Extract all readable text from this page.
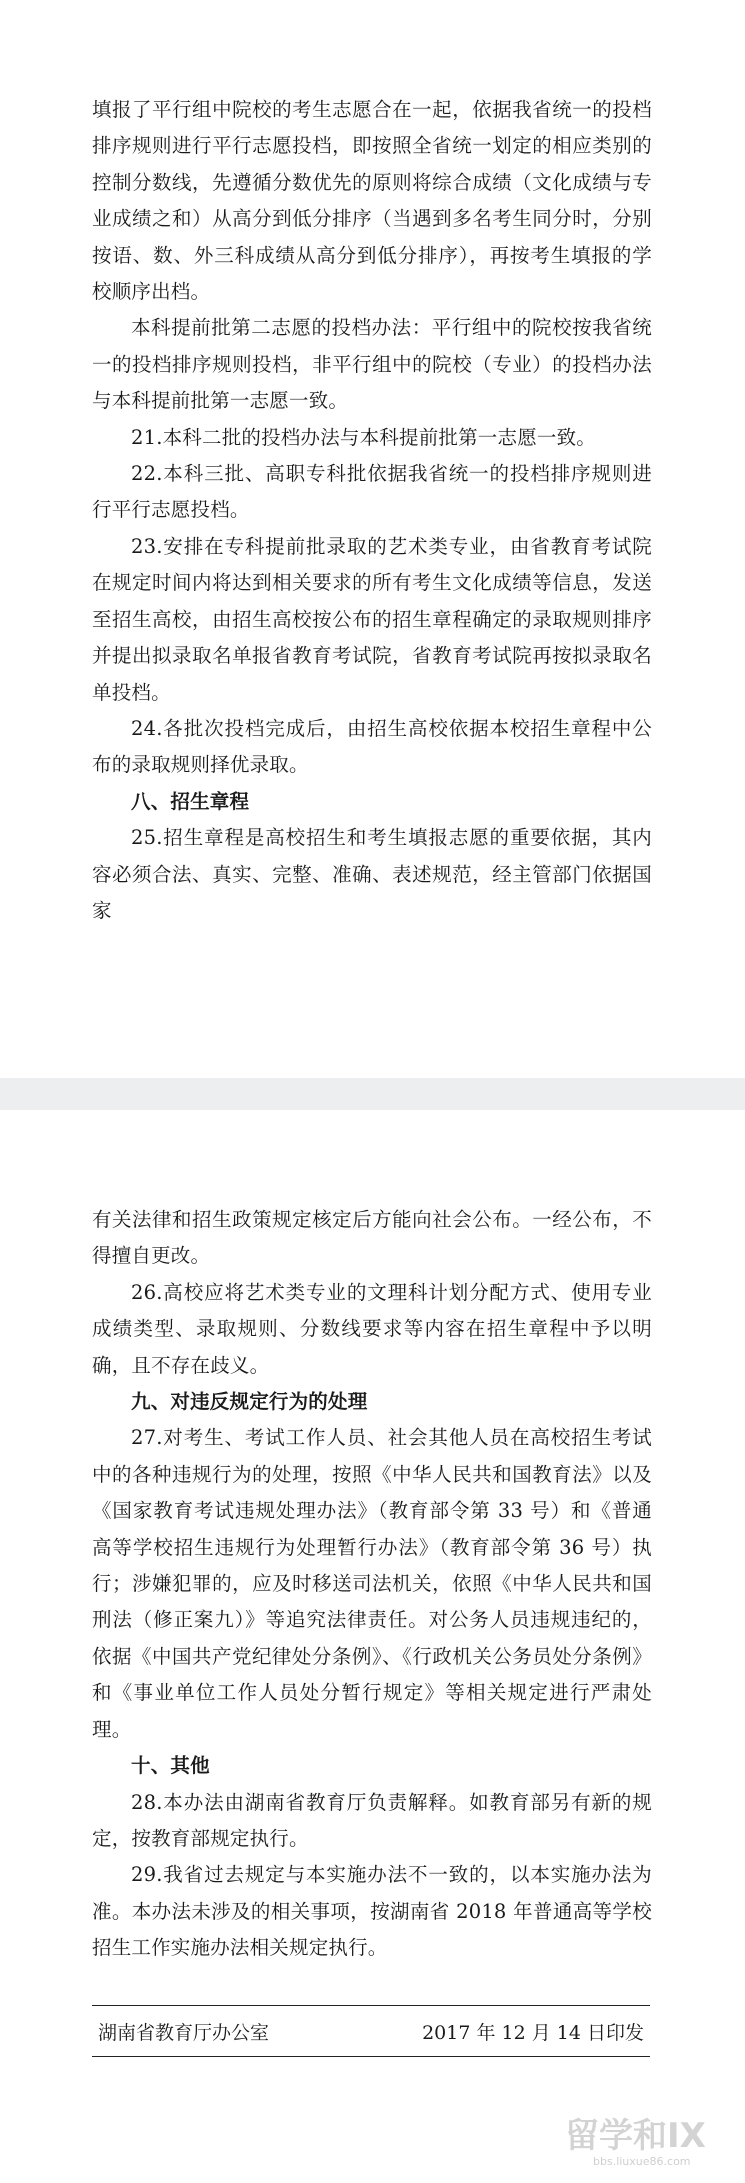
填报了平行组中院校的考生志愿合在一起，依据我省统一的投档排序规则进行平行志愿投档，即按照全省统一划定的相应类别的控制分数线，先遵循分数优先的原则将综合成绩（文化成绩与专业成绩之和）从高分到低分排序（当遇到多名考生同分时，分别按语、数、外三科成绩从高分到低分排序），再按考生填报的学校顺序出档。

本科提前批第二志愿的投档办法：平行组中的院校按我省统一的投档排序规则投档，非平行组中的院校（专业）的投档办法与本科提前批第一志愿一致。

21.本科二批的投档办法与本科提前批第一志愿一致。

22.本科三批、高职专科批依据我省统一的投档排序规则进行平行志愿投档。

23.安排在专科提前批录取的艺术类专业，由省教育考试院在规定时间内将达到相关要求的所有考生文化成绩等信息，发送至招生高校，由招生高校按公布的招生章程确定的录取规则排序并提出拟录取名单报省教育考试院，省教育考试院再按拟录取名单投档。

24.各批次投档完成后，由招生高校依据本校招生章程中公布的录取规则择优录取。

八、招生章程

25.招生章程是高校招生和考生填报志愿的重要依据，其内容必须合法、真实、完整、准确、表述规范，经主管部门依据国家

有关法律和招生政策规定核定后方能向社会公布。一经公布，不得擅自更改。

26.高校应将艺术类专业的文理科计划分配方式、使用专业成绩类型、录取规则、分数线要求等内容在招生章程中予以明确，且不存在歧义。

九、对违反规定行为的处理

27.对考生、考试工作人员、社会其他人员在高校招生考试中的各种违规行为的处理，按照《中华人民共和国教育法》以及《国家教育考试违规处理办法》（教育部令第 33 号）和《普通高等学校招生违规行为处理暂行办法》（教育部令第 36 号）执行；涉嫌犯罪的，应及时移送司法机关，依照《中华人民共和国刑法（修正案九）》等追究法律责任。对公务人员违规违纪的，依据《中国共产党纪律处分条例》、《行政机关公务员处分条例》和《事业单位工作人员处分暂行规定》等相关规定进行严肃处理。

十、其他

28.本办法由湖南省教育厅负责解释。如教育部另有新的规定，按教育部规定执行。

29.我省过去规定与本实施办法不一致的，以本实施办法为准。本办法未涉及的相关事项，按湖南省 2018 年普通高等学校招生工作实施办法相关规定执行。

湖南省教育厅办公室	2017 年 12 月 14 日印发
留学和IX
bbs.liuxue86.com
